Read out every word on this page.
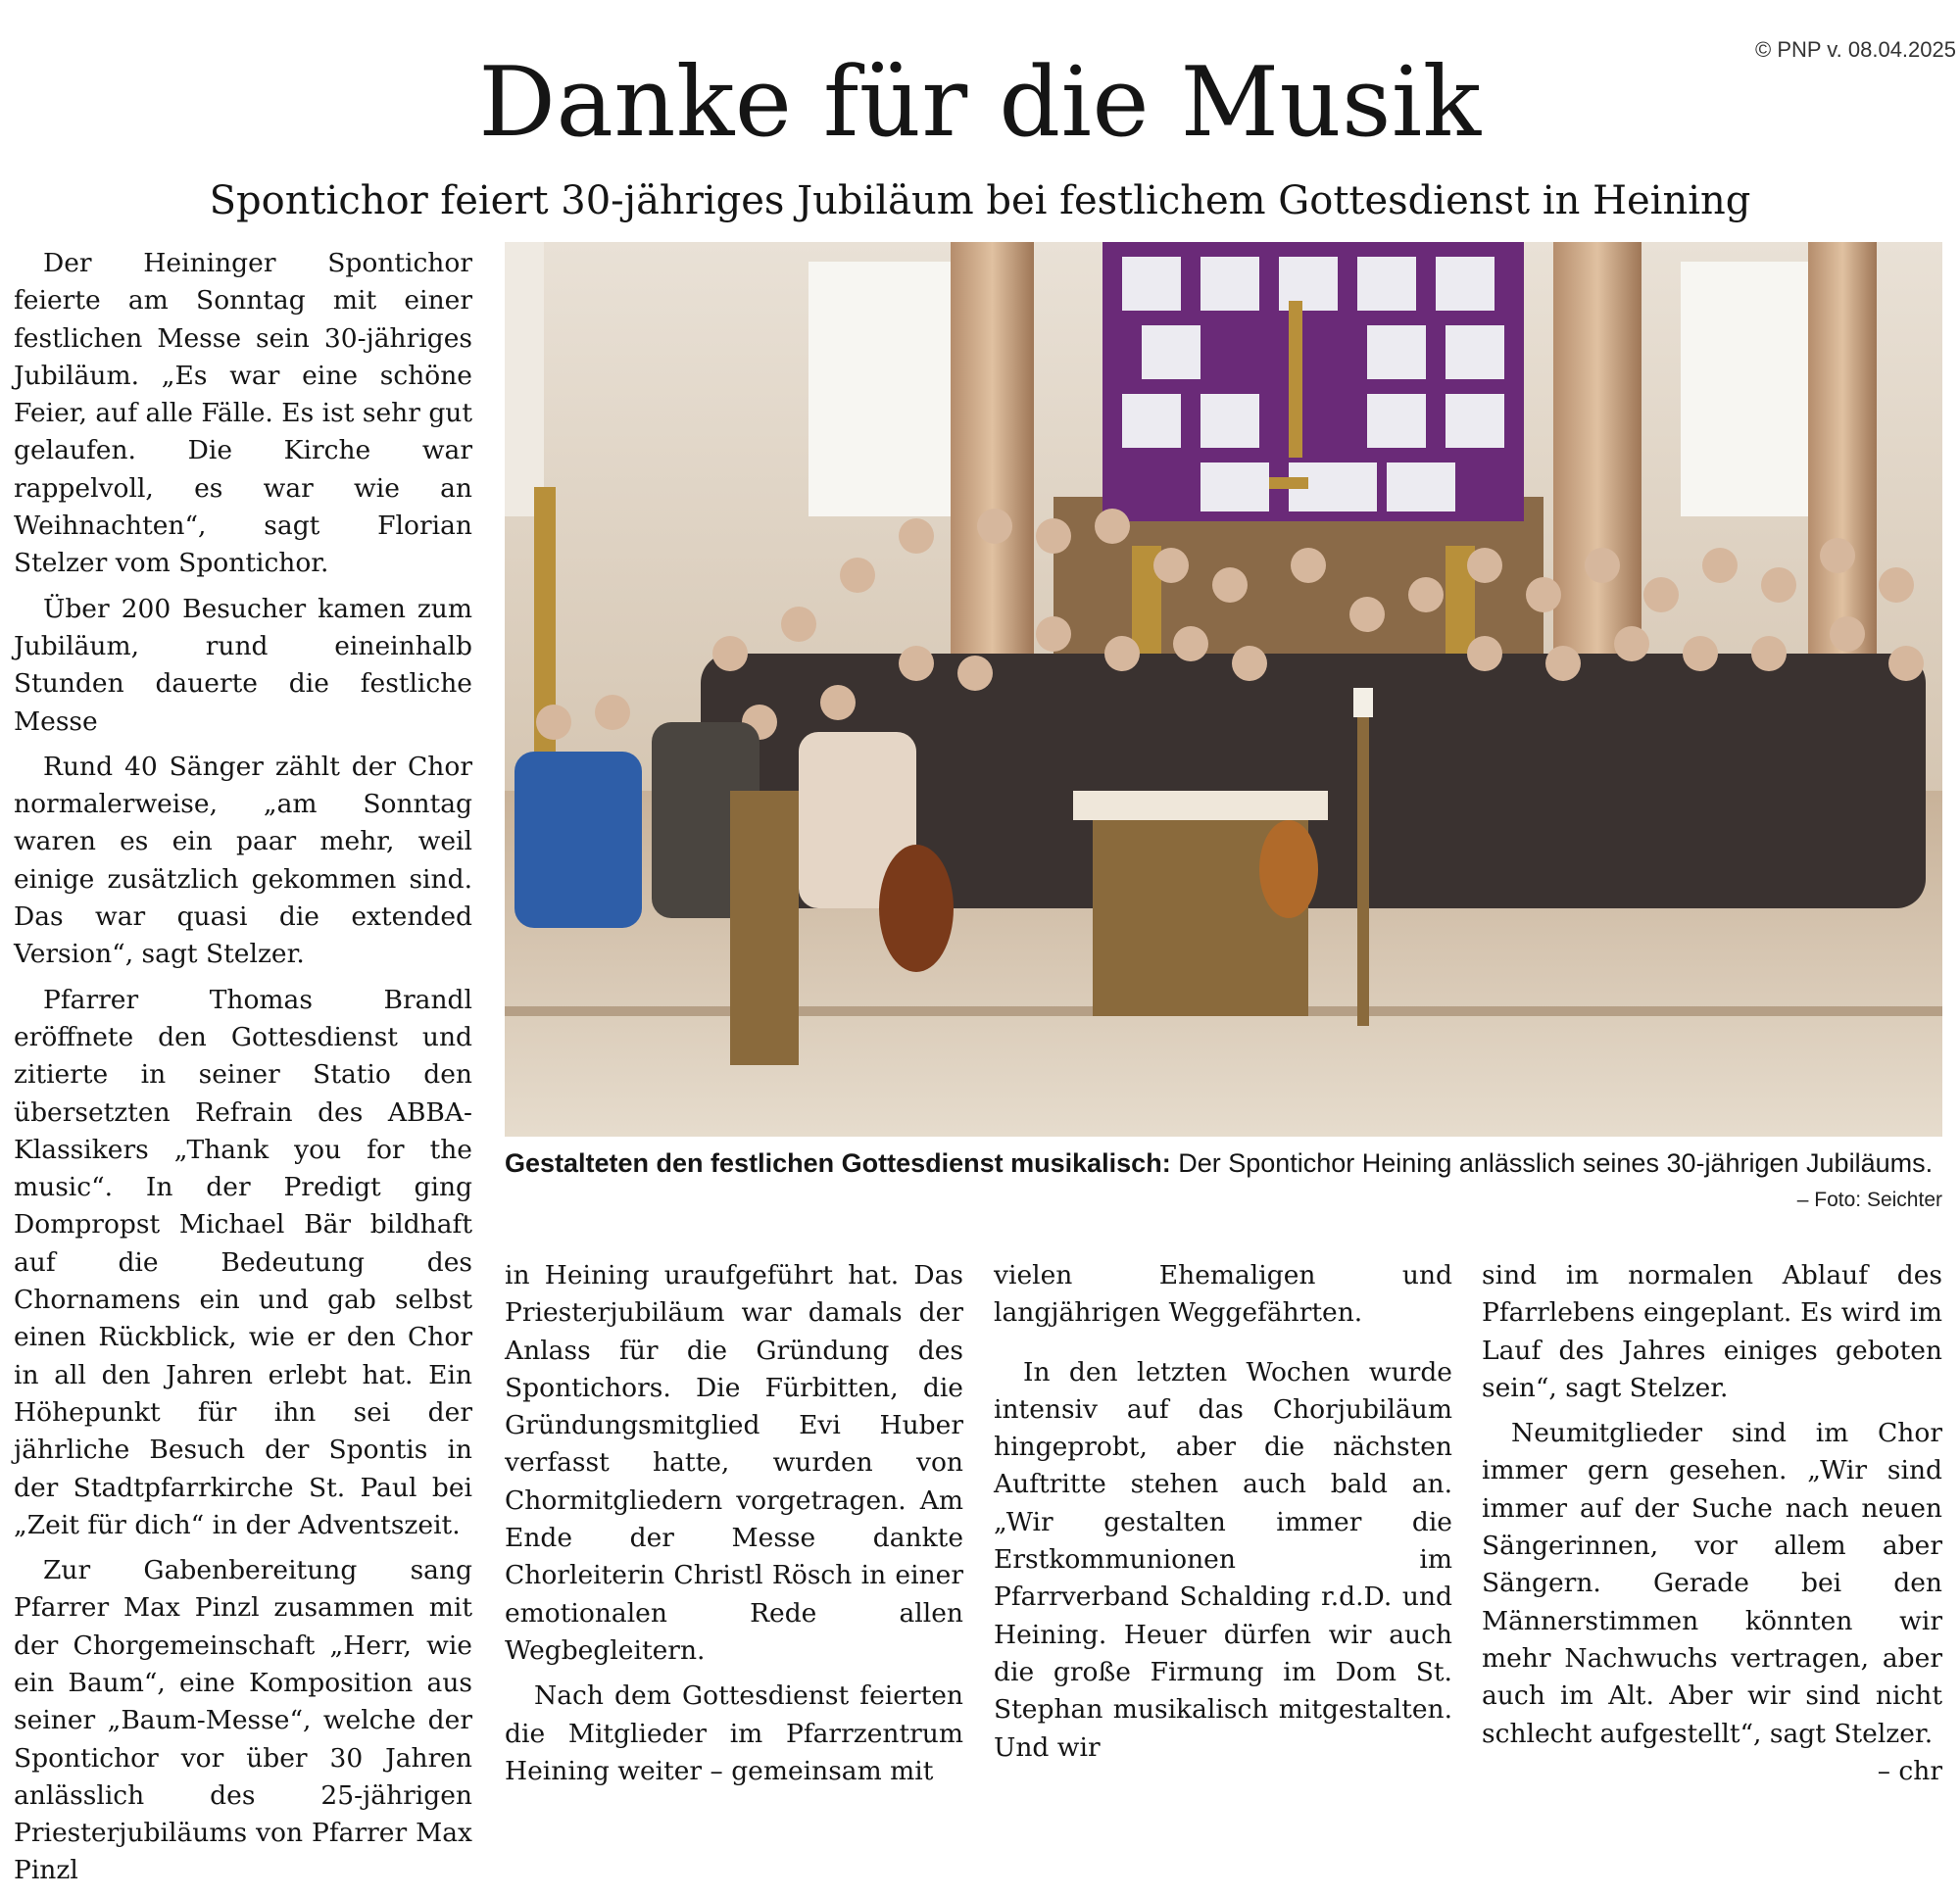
© PNP v. 08.04.2025
Danke für die Musik
Spontichor feiert 30-jähriges Jubiläum bei festlichem Gottesdienst in Heining

Der Heininger Spontichor feierte am Sonntag mit einer festlichen Messe sein 30-jähriges Jubiläum. „Es war eine schöne Feier, auf alle Fälle. Es ist sehr gut gelaufen. Die Kirche war rappelvoll, es war wie an Weihnachten“, sagt Florian Stelzer vom Spontichor.

Über 200 Besucher kamen zum Jubiläum, rund eineinhalb Stunden dauerte die festliche Messe

Rund 40 Sänger zählt der Chor normalerweise, „am Sonntag waren es ein paar mehr, weil einige zusätzlich gekommen sind. Das war quasi die extended Version“, sagt Stelzer.

Pfarrer Thomas Brandl eröffnete den Gottesdienst und zitierte in seiner Statio den übersetzten Refrain des ABBA-Klassikers „Thank you for the music“. In der Predigt ging Dompropst Michael Bär bildhaft auf die Bedeutung des Chornamens ein und gab selbst einen Rückblick, wie er den Chor in all den Jahren erlebt hat. Ein Höhepunkt für ihn sei der jährliche Besuch der Spontis in der Stadtpfarrkirche St. Paul bei „Zeit für dich“ in der Adventszeit.

Zur Gabenbereitung sang Pfarrer Max Pinzl zusammen mit der Chorgemeinschaft „Herr, wie ein Baum“, eine Komposition aus seiner „Baum-Messe“, welche der Spontichor vor über 30 Jahren anlässlich des 25-jährigen Priesterjubiläums von Pfarrer Max Pinzl

Gestalteten den festlichen Gottesdienst musikalisch: Der Spontichor Heining anlässlich seines 30-jährigen Jubiläums.
– Foto: Seichter

in Heining uraufgeführt hat. Das Priesterjubiläum war damals der Anlass für die Gründung des Spontichors. Die Fürbitten, die Gründungsmitglied Evi Huber verfasst hatte, wurden von Chormitgliedern vorgetragen. Am Ende der Messe dankte Chorleiterin Christl Rösch in einer emotionalen Rede allen Wegbegleitern.

Nach dem Gottesdienst feierten die Mitglieder im Pfarrzentrum Heining weiter – gemeinsam mit

vielen Ehemaligen und langjährigen Weggefährten.

In den letzten Wochen wurde intensiv auf das Chorjubiläum hingeprobt, aber die nächsten Auftritte stehen auch bald an. „Wir gestalten immer die Erstkommunionen im Pfarrverband Schalding r.d.D. und Heining. Heuer dürfen wir auch die große Firmung im Dom St. Stephan musikalisch mitgestalten. Und wir

sind im normalen Ablauf des Pfarrlebens eingeplant. Es wird im Lauf des Jahres einiges geboten sein“, sagt Stelzer.

Neumitglieder sind im Chor immer gern gesehen. „Wir sind immer auf der Suche nach neuen Sängerinnen, vor allem aber Sängern. Gerade bei den Männerstimmen könnten wir mehr Nachwuchs vertragen, aber auch im Alt. Aber wir sind nicht schlecht aufgestellt“, sagt Stelzer.

– chr
